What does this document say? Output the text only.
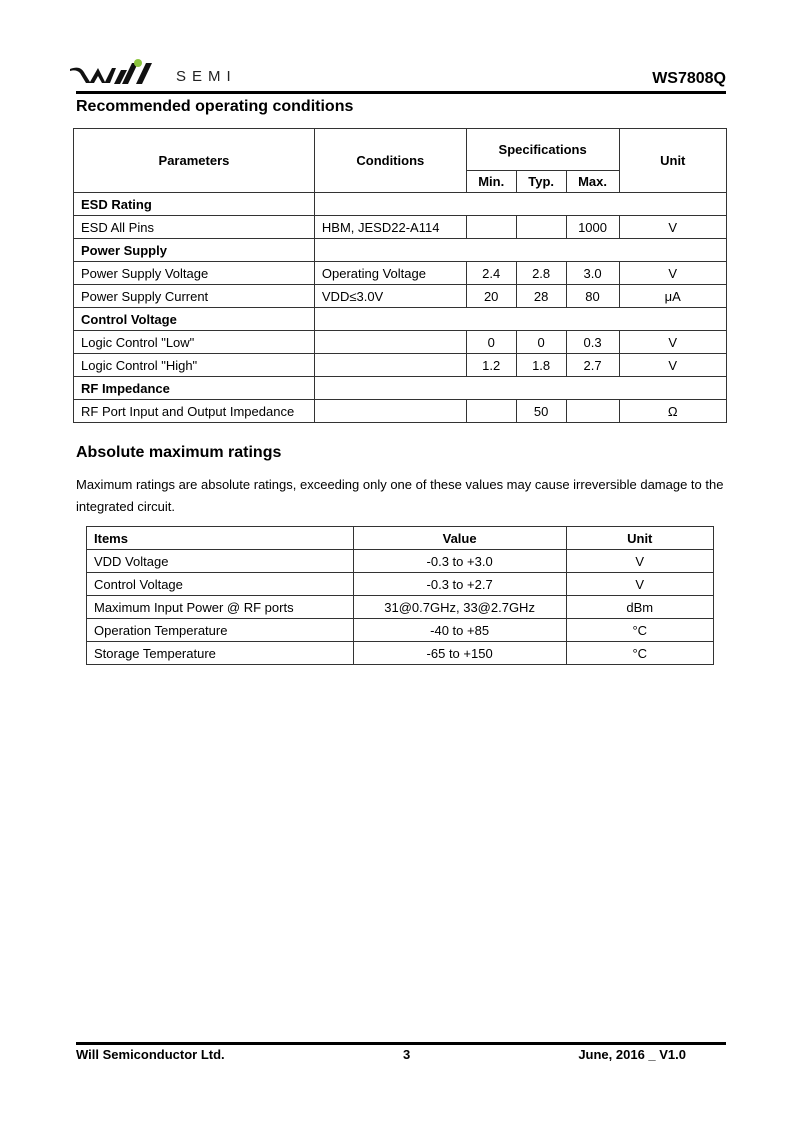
SEMI	WS7808Q
Recommended operating conditions
Parameters	Conditions	Specifications			Unit
		Min.	Typ.	Max.	
ESD Rating					
ESD All Pins	HBM, JESD22-A114			1000	V
Power Supply					
Power Supply Voltage	Operating Voltage	2.4	2.8	3.0	V
Power Supply Current	VDD≤3.0V	20	28	80	μA
Control Voltage					
Logic Control "Low"		0	0	0.3	V
Logic Control "High"		1.2	1.8	2.7	V
RF Impedance					
RF Port Input and Output Impedance			50		Ω
Absolute maximum ratings
Maximum ratings are absolute ratings, exceeding only one of these values may cause irreversible damage to the integrated circuit.
Items	Value	Unit
VDD Voltage	-0.3 to +3.0	V
Control Voltage	-0.3 to +2.7	V
Maximum Input Power @ RF ports	31@0.7GHz, 33@2.7GHz	dBm
Operation Temperature	-40 to +85	°C
Storage Temperature	-65 to +150	°C
Will Semiconductor Ltd.	3	June, 2016 _ V1.0
